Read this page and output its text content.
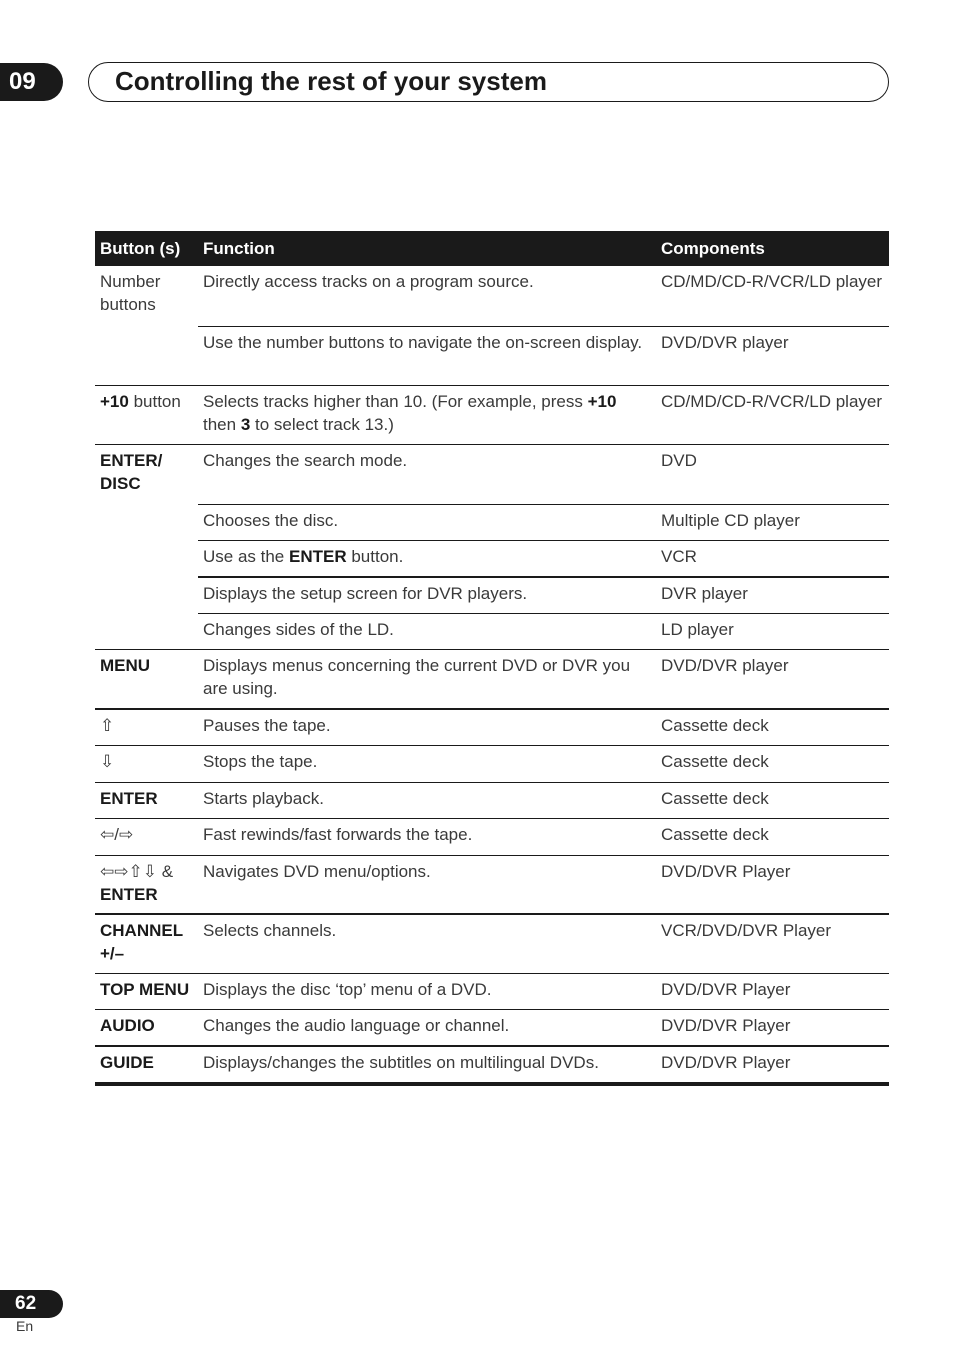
09	Controlling the rest of your system
Button (s)	Function	Components
Number buttons	Directly access tracks on a program source.	CD/MD/CD-R/VCR/LD player
	Use the number buttons to navigate the on-screen display.	DVD/DVR player
+10 button	Selects tracks higher than 10. (For example, press +10 then 3 to select track 13.)	CD/MD/CD-R/VCR/LD player
ENTER/ DISC	Changes the search mode.	DVD
	Chooses the disc.	Multiple CD player
	Use as the ENTER button.	VCR
	Displays the setup screen for DVR players.	DVR player
	Changes sides of the LD.	LD player
MENU	Displays menus concerning the current DVD or DVR you are using.	DVD/DVR player
⇧	Pauses the tape.	Cassette deck
⇩	Stops the tape.	Cassette deck
ENTER	Starts playback.	Cassette deck
⇦/⇨	Fast rewinds/fast forwards the tape.	Cassette deck
⇦⇨⇧⇩ & ENTER	Navigates DVD menu/options.	DVD/DVR Player
CHANNEL +/–	Selects channels.	VCR/DVD/DVR Player
TOP MENU	Displays the disc ‘top’ menu of a DVD.	DVD/DVR Player
AUDIO	Changes the audio language or channel.	DVD/DVR Player
GUIDE	Displays/changes the subtitles on multilingual DVDs.	DVD/DVR Player
62
En
